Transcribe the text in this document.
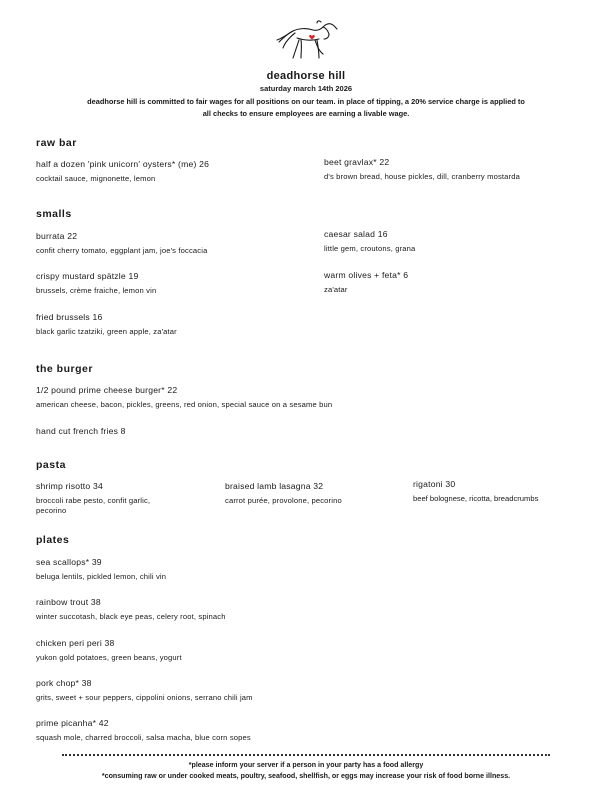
deadhorse hill
saturday march 14th 2026
deadhorse hill is committed to fair wages for all positions on our team. in place of tipping, a 20% service charge is applied to
all checks to ensure employees are earning a livable wage.
raw bar
half a dozen 'pink unicorn' oysters* (me) 26
cocktail sauce, mignonette, lemon
beet gravlax* 22
d's brown bread, house pickles, dill, cranberry mostarda
smalls
burrata 22
confit cherry tomato, eggplant jam, joe's foccacia
caesar salad 16
little gem, croutons, grana
crispy mustard spätzle 19
brussels, crème fraiche, lemon vin
warm olives + feta* 6
za'atar
fried brussels 16
black garlic tzatziki, green apple, za'atar
the burger
1/2 pound prime cheese burger* 22
american cheese, bacon, pickles, greens, red onion, special sauce on a sesame bun
hand cut french fries 8
pasta
shrimp risotto 34
broccoli rabe pesto, confit garlic,
pecorino
braised lamb lasagna 32
carrot purée, provolone, pecorino
rigatoni 30
beef bolognese, ricotta, breadcrumbs
plates
sea scallops* 39
beluga lentils, pickled lemon, chili vin
rainbow trout 38
winter succotash, black eye peas, celery root, spinach
chicken peri peri 38
yukon gold potatoes, green beans, yogurt
pork chop* 38
grits, sweet + sour peppers, cippolini onions, serrano chili jam
prime picanha* 42
squash mole, charred broccoli, salsa macha, blue corn sopes
*please inform your server if a person in your party has a food allergy
*consuming raw or under cooked meats, poultry, seafood, shellfish, or eggs may increase your risk of food borne illness.
